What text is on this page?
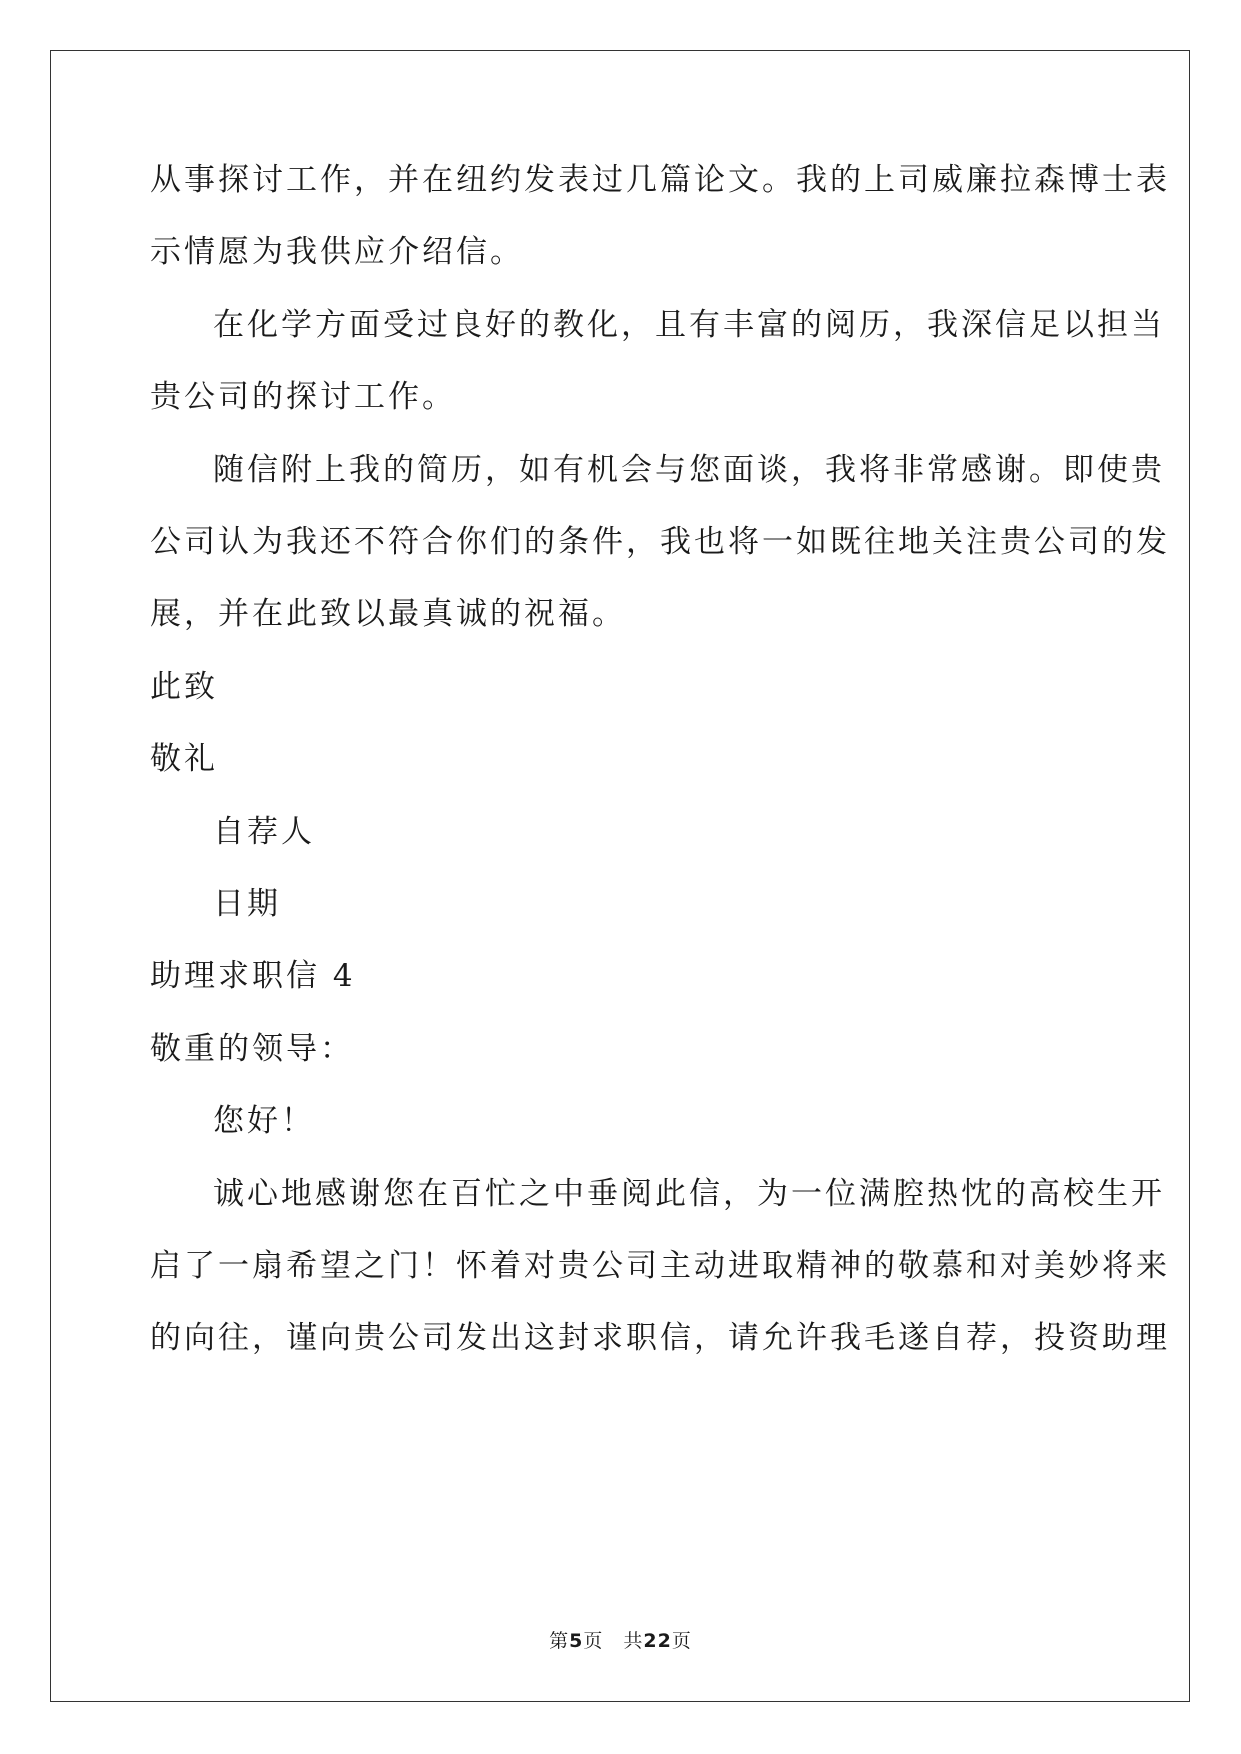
从事探讨工作，并在纽约发表过几篇论文。我的上司威廉拉森博士表
示情愿为我供应介绍信。
在化学方面受过良好的教化，且有丰富的阅历，我深信足以担当
贵公司的探讨工作。
随信附上我的简历，如有机会与您面谈，我将非常感谢。即使贵
公司认为我还不符合你们的条件，我也将一如既往地关注贵公司的发
展，并在此致以最真诚的祝福。
此致
敬礼
自荐人
日期
助理求职信 4
敬重的领导：
您好！
诚心地感谢您在百忙之中垂阅此信，为一位满腔热忱的高校生开
启了一扇希望之门！怀着对贵公司主动进取精神的敬慕和对美妙将来
的向往，谨向贵公司发出这封求职信，请允许我毛遂自荐，投资助理
第5页 共22页
